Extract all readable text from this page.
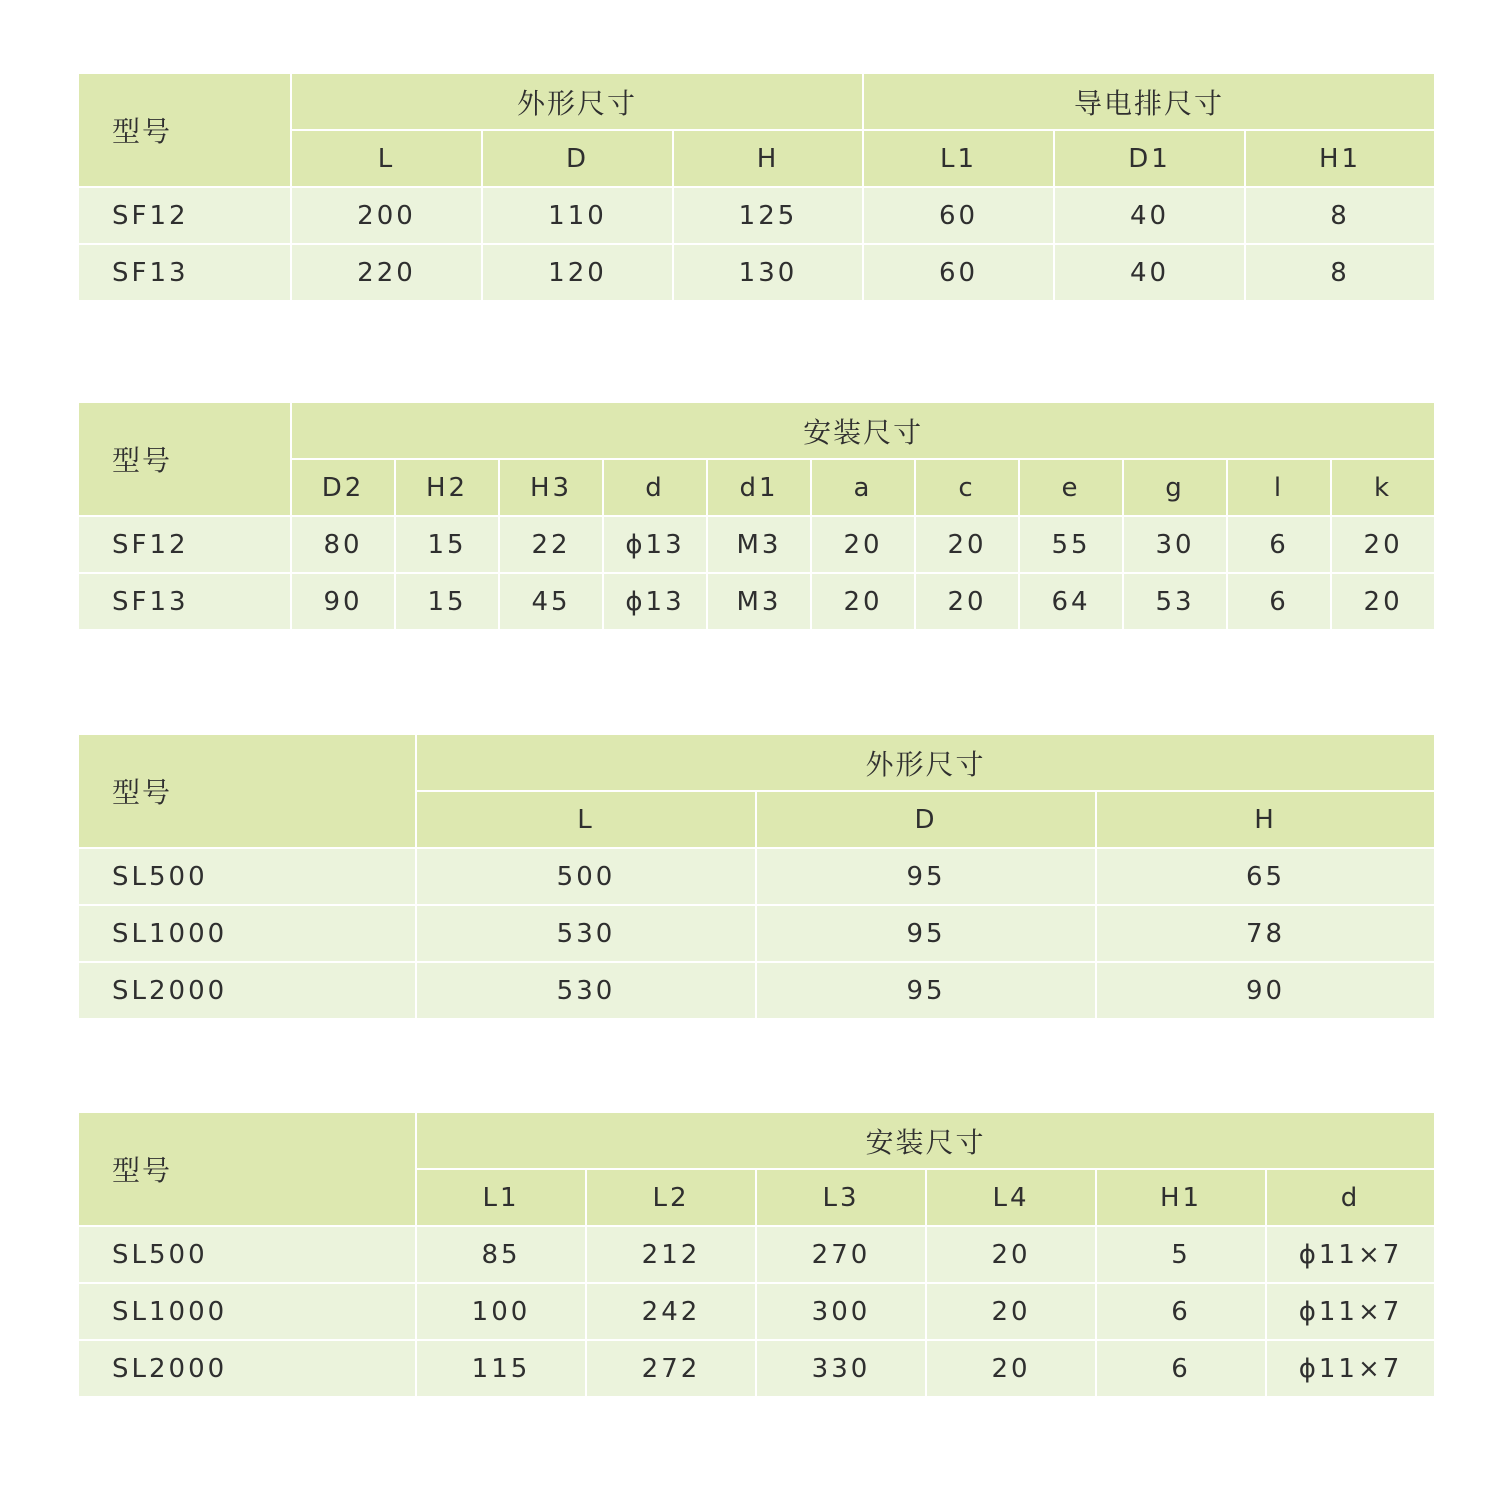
型号	外形尺寸			导电排尺寸		
	L	D	H	L1	D1	H1
SF12	200	110	125	60	40	8
SF13	220	120	130	60	40	8
型号	安装尺寸										
	D2	H2	H3	d	d1	a	c	e	g	l	k
SF12	80	15	22	ϕ13	M3	20	20	55	30	6	20
SF13	90	15	45	ϕ13	M3	20	20	64	53	6	20
型号	外形尺寸		
	L	D	H
SL500	500	95	65
SL1000	530	95	78
SL2000	530	95	90
型号	安装尺寸					
	L1	L2	L3	L4	H1	d
SL500	85	212	270	20	5	ϕ11×7
SL1000	100	242	300	20	6	ϕ11×7
SL2000	115	272	330	20	6	ϕ11×7
